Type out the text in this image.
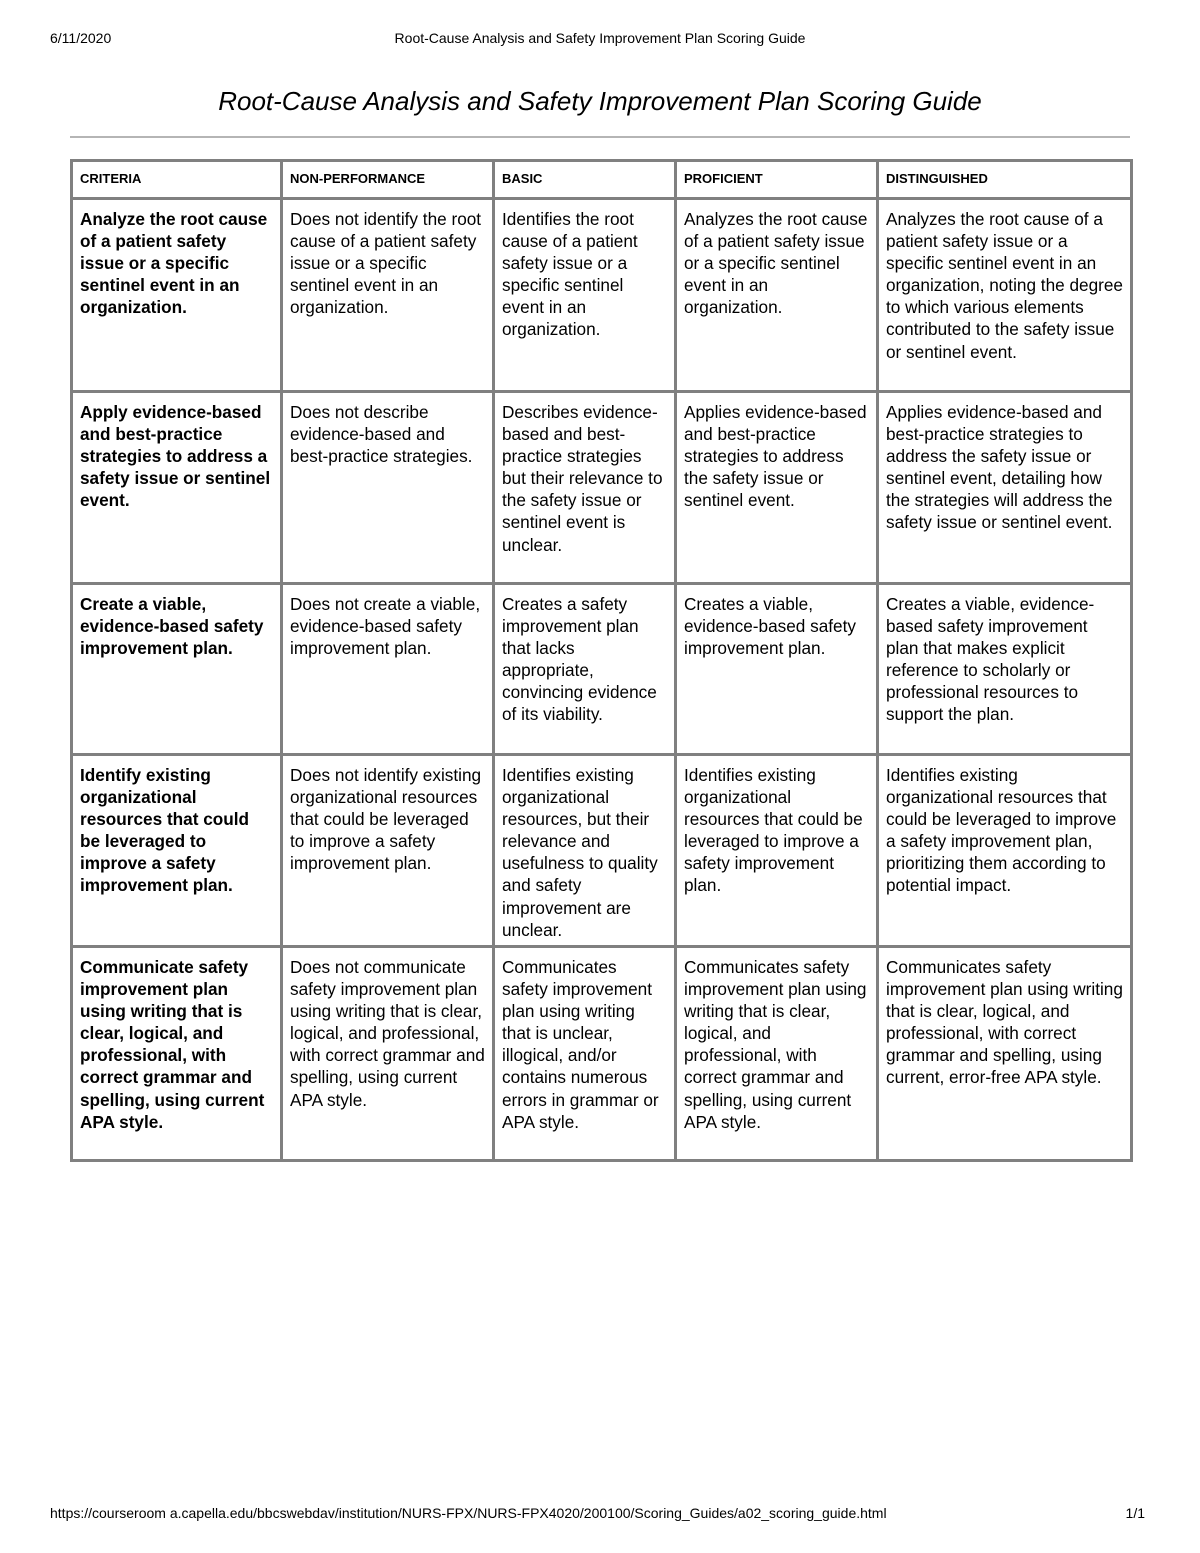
6/11/2020	Root-Cause Analysis and Safety Improvement Plan Scoring Guide
Root-Cause Analysis and Safety Improvement Plan Scoring Guide
CRITERIA	NON-PERFORMANCE	BASIC	PROFICIENT	DISTINGUISHED
Analyze the root cause of a patient safety issue or a specific sentinel event in an organization.	Does not identify the root cause of a patient safety issue or a specific sentinel event in an organization.	Identifies the root cause of a patient safety issue or a specific sentinel event in an organization.	Analyzes the root cause of a patient safety issue or a specific sentinel event in an organization.	Analyzes the root cause of a patient safety issue or a specific sentinel event in an organization, noting the degree to which various elements contributed to the safety issue or sentinel event.
Apply evidence-based and best-practice strategies to address a safety issue or sentinel event.	Does not describe evidence-based and best-practice strategies.	Describes evidence-based and best-practice strategies but their relevance to the safety issue or sentinel event is unclear.	Applies evidence-based and best-practice strategies to address the safety issue or sentinel event.	Applies evidence-based and best-practice strategies to address the safety issue or sentinel event, detailing how the strategies will address the safety issue or sentinel event.
Create a viable, evidence-based safety improvement plan.	Does not create a viable, evidence-based safety improvement plan.	Creates a safety improvement plan that lacks appropriate, convincing evidence of its viability.	Creates a viable, evidence-based safety improvement plan.	Creates a viable, evidence-based safety improvement plan that makes explicit reference to scholarly or professional resources to support the plan.
Identify existing organizational resources that could be leveraged to improve a safety improvement plan.	Does not identify existing organizational resources that could be leveraged to improve a safety improvement plan.	Identifies existing organizational resources, but their relevance and usefulness to quality and safety improvement are unclear.	Identifies existing organizational resources that could be leveraged to improve a safety improvement plan.	Identifies existing organizational resources that could be leveraged to improve a safety improvement plan, prioritizing them according to potential impact.
Communicate safety improvement plan using writing that is clear, logical, and professional, with correct grammar and spelling, using current APA style.	Does not communicate safety improvement plan using writing that is clear, logical, and professional, with correct grammar and spelling, using current APA style.	Communicates safety improvement plan using writing that is unclear, illogical, and/or contains numerous errors in grammar or APA style.	Communicates safety improvement plan using writing that is clear, logical, and professional, with correct grammar and spelling, using current APA style.	Communicates safety improvement plan using writing that is clear, logical, and professional, with correct grammar and spelling, using current, error-free APA style.
https://courseroom a.capella.edu/bbcswebdav/institution/NURS-FPX/NURS-FPX4020/200100/Scoring_Guides/a02_scoring_guide.html	1/1
